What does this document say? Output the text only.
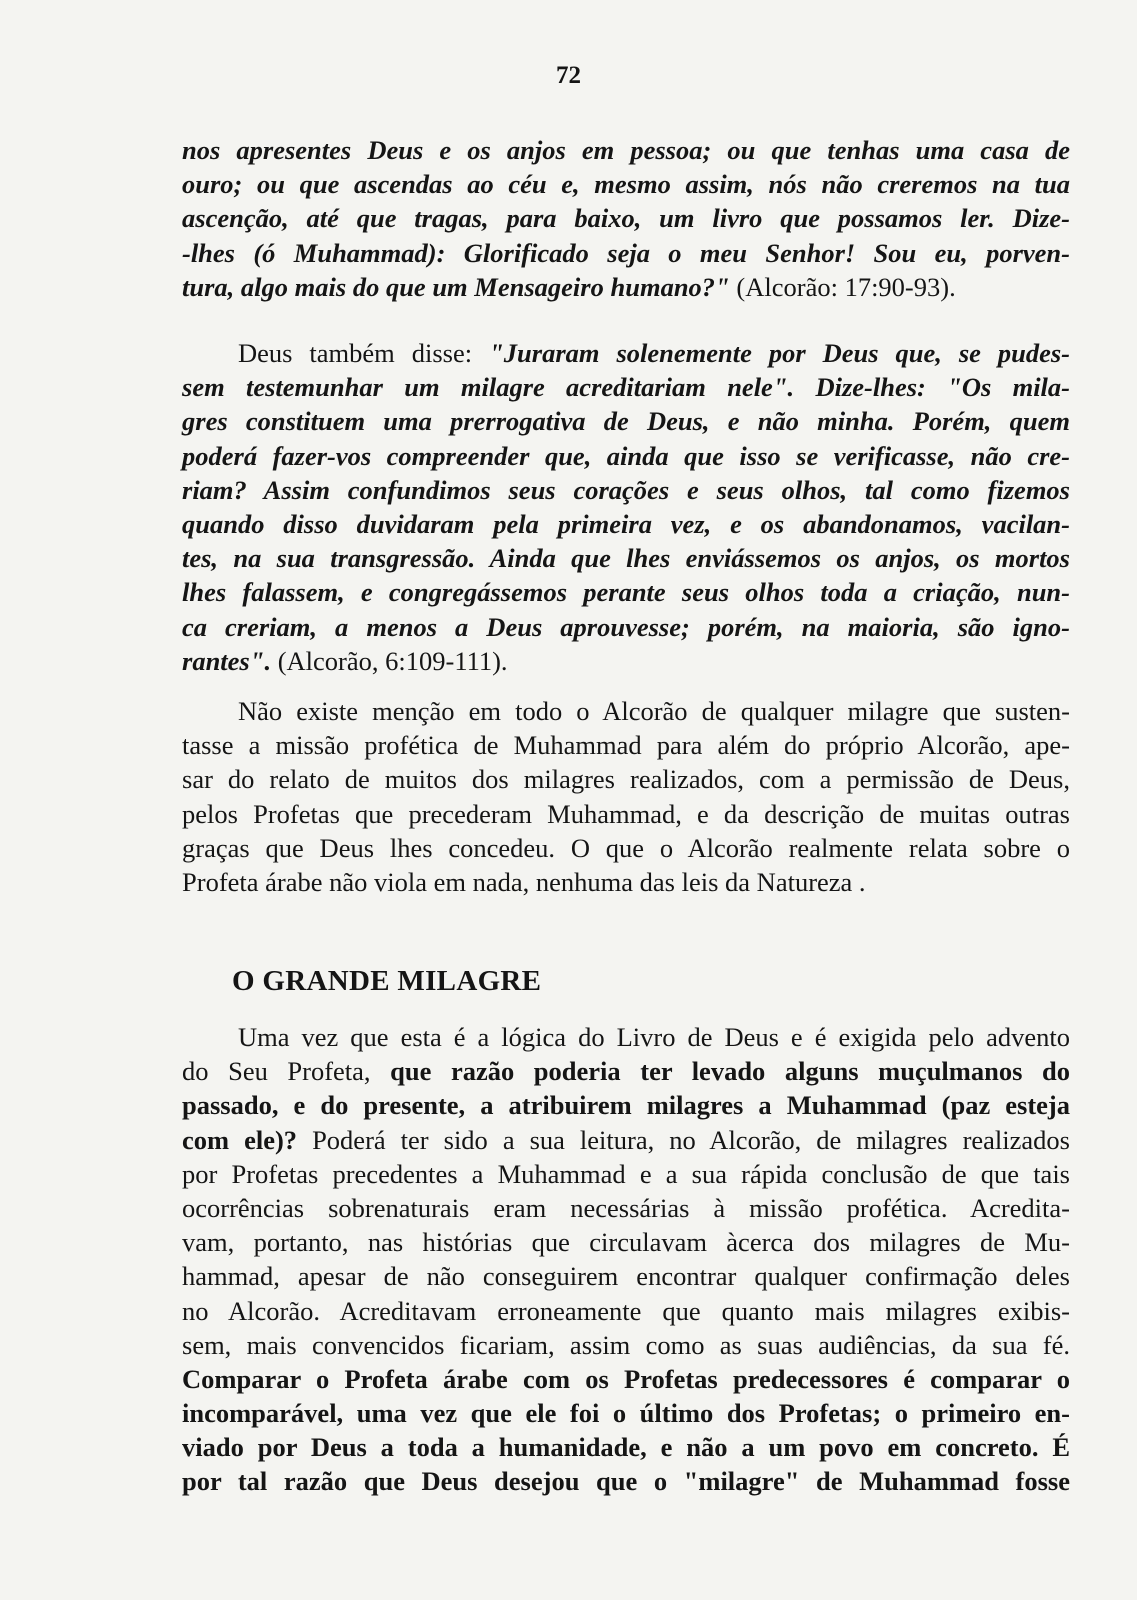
72
nos apresentes Deus e os anjos em pessoa; ou que tenhas uma casa de
ouro; ou que ascendas ao céu e, mesmo assim, nós não creremos na tua
ascenção, até que tragas, para baixo, um livro que possamos ler. Dize-
-lhes (ó Muhammad): Glorificado seja o meu Senhor! Sou eu, porven-
tura, algo mais do que um Mensageiro humano?" (Alcorão: 17:90-93).
Deus também disse: "Juraram solenemente por Deus que, se pudes-
sem testemunhar um milagre acreditariam nele". Dize-lhes: "Os mila-
gres constituem uma prerrogativa de Deus, e não minha. Porém, quem
poderá fazer-vos compreender que, ainda que isso se verificasse, não cre-
riam? Assim confundimos seus corações e seus olhos, tal como fizemos
quando disso duvidaram pela primeira vez, e os abandonamos, vacilan-
tes, na sua transgressão. Ainda que lhes enviássemos os anjos, os mortos
lhes falassem, e congregássemos perante seus olhos toda a criação, nun-
ca creriam, a menos a Deus aprouvesse; porém, na maioria, são igno-
rantes". (Alcorão, 6:109-111).
Não existe menção em todo o Alcorão de qualquer milagre que susten-
tasse a missão profética de Muhammad para além do próprio Alcorão, ape-
sar do relato de muitos dos milagres realizados, com a permissão de Deus,
pelos Profetas que precederam Muhammad, e da descrição de muitas outras
graças que Deus lhes concedeu. O que o Alcorão realmente relata sobre o
Profeta árabe não viola em nada, nenhuma das leis da Natureza .
O GRANDE MILAGRE
Uma vez que esta é a lógica do Livro de Deus e é exigida pelo advento
do Seu Profeta, que razão poderia ter levado alguns muçulmanos do
passado, e do presente, a atribuirem milagres a Muhammad (paz esteja
com ele)? Poderá ter sido a sua leitura, no Alcorão, de milagres realizados
por Profetas precedentes a Muhammad e a sua rápida conclusão de que tais
ocorrências sobrenaturais eram necessárias à missão profética. Acredita-
vam, portanto, nas histórias que circulavam àcerca dos milagres de Mu-
hammad, apesar de não conseguirem encontrar qualquer confirmação deles
no Alcorão. Acreditavam erroneamente que quanto mais milagres exibis-
sem, mais convencidos ficariam, assim como as suas audiências, da sua fé.
Comparar o Profeta árabe com os Profetas predecessores é comparar o
incomparável, uma vez que ele foi o último dos Profetas; o primeiro en-
viado por Deus a toda a humanidade, e não a um povo em concreto. É
por tal razão que Deus desejou que o "milagre" de Muhammad fosse
